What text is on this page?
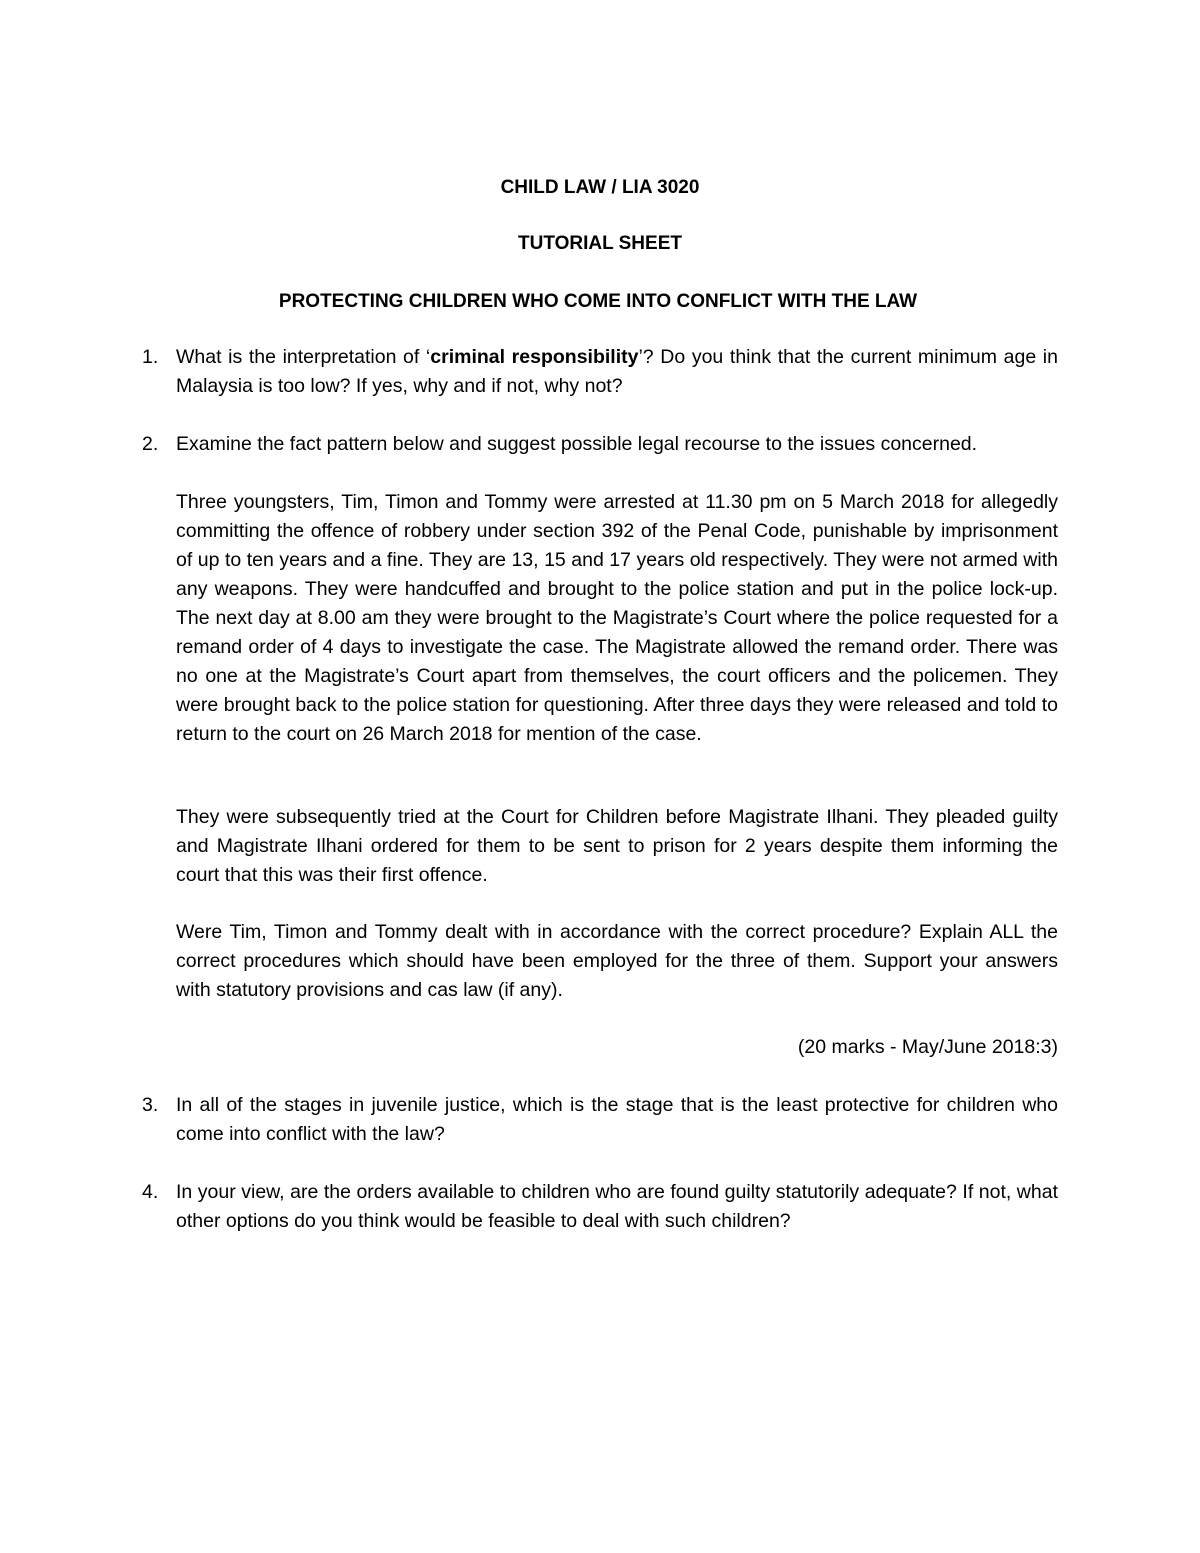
CHILD LAW / LIA 3020
TUTORIAL SHEET
PROTECTING CHILDREN WHO COME INTO CONFLICT WITH THE LAW
1. What is the interpretation of ‘criminal responsibility’? Do you think that the current minimum age in Malaysia is too low? If yes, why and if not, why not?
2. Examine the fact pattern below and suggest possible legal recourse to the issues concerned.
Three youngsters, Tim, Timon and Tommy were arrested at 11.30 pm on 5 March 2018 for allegedly committing the offence of robbery under section 392 of the Penal Code, punishable by imprisonment of up to ten years and a fine. They are 13, 15 and 17 years old respectively. They were not armed with any weapons. They were handcuffed and brought to the police station and put in the police lock-up. The next day at 8.00 am they were brought to the Magistrate’s Court where the police requested for a remand order of 4 days to investigate the case. The Magistrate allowed the remand order. There was no one at the Magistrate’s Court apart from themselves, the court officers and the policemen. They were brought back to the police station for questioning. After three days they were released and told to return to the court on 26 March 2018 for mention of the case.
They were subsequently tried at the Court for Children before Magistrate Ilhani. They pleaded guilty and Magistrate Ilhani ordered for them to be sent to prison for 2 years despite them informing the court that this was their first offence.
Were Tim, Timon and Tommy dealt with in accordance with the correct procedure? Explain ALL the correct procedures which should have been employed for the three of them. Support your answers with statutory provisions and cas law (if any).
(20 marks - May/June 2018:3)
3. In all of the stages in juvenile justice, which is the stage that is the least protective for children who come into conflict with the law?
4. In your view, are the orders available to children who are found guilty statutorily adequate? If not, what other options do you think would be feasible to deal with such children?
